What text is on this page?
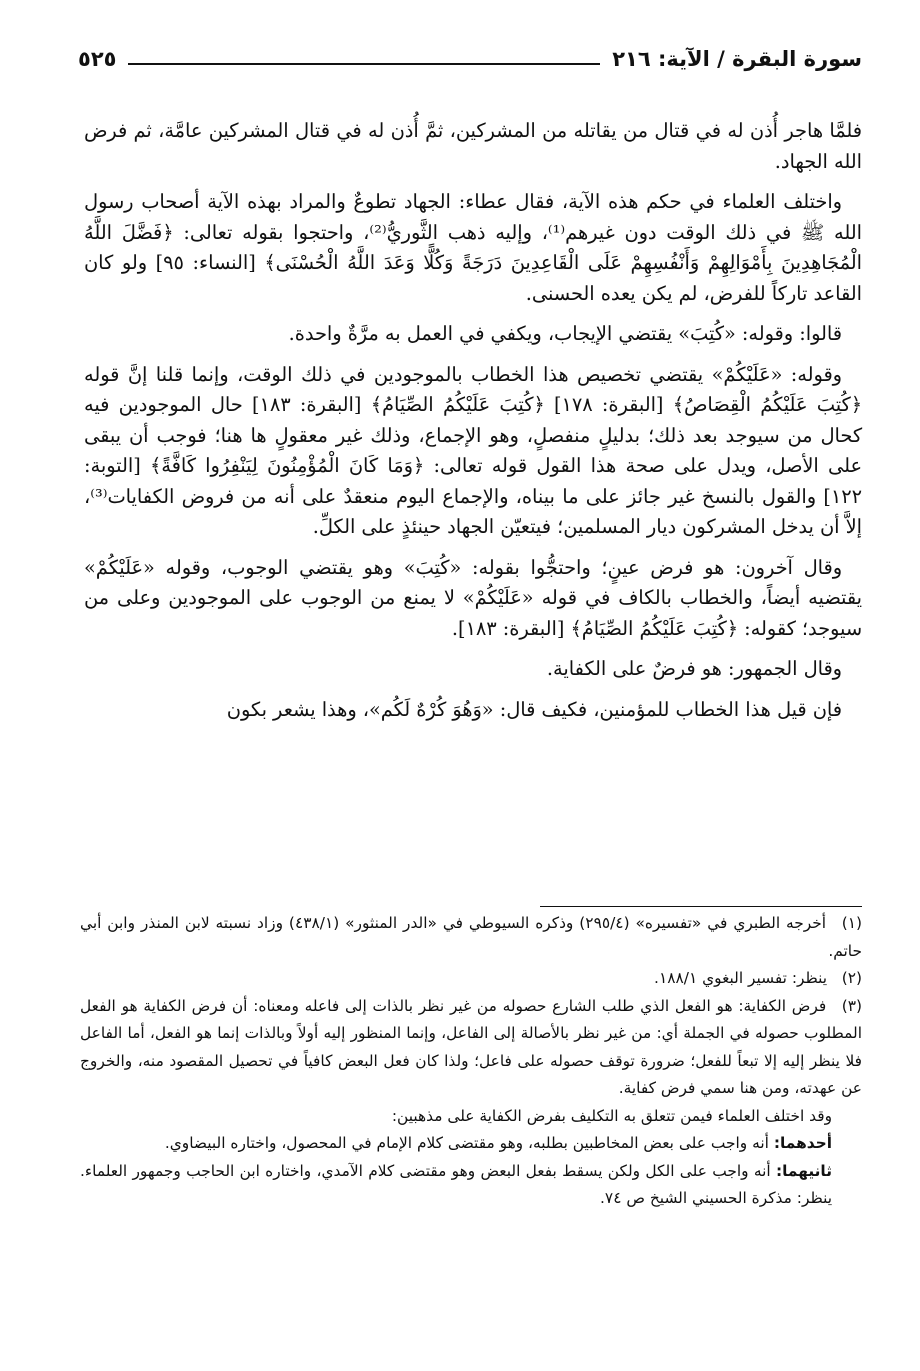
سورة البقرة / الآية: ٢١٦
٥٢٥

فلمَّا هاجر أُذن له في قتال من يقاتله من المشركين، ثمَّ أُذن له في قتال المشركين عامَّة، ثم فرض الله الجهاد.

واختلف العلماء في حكم هذه الآية، فقال عطاء: الجهاد تطوعٌ والمراد بهذه الآية أصحاب رسول الله ﷺ في ذلك الوقت دون غيرهم⁽¹⁾، وإليه ذهب الثَّوريُّ⁽²⁾، واحتجوا بقوله تعالى: ﴿فَضَّلَ اللَّهُ الْمُجَاهِدِينَ بِأَمْوَالِهِمْ وَأَنْفُسِهِمْ عَلَى الْقَاعِدِينَ دَرَجَةً وَكُلًّا وَعَدَ اللَّهُ الْحُسْنَى﴾ [النساء: ٩٥] ولو كان القاعد تاركاً للفرض، لم يكن يعده الحسنى.

قالوا: وقوله: «كُتِبَ» يقتضي الإيجاب، ويكفي في العمل به مرَّةٌ واحدة.

وقوله: «عَلَيْكُمْ» يقتضي تخصيص هذا الخطاب بالموجودين في ذلك الوقت، وإنما قلنا إنَّ قوله ﴿كُتِبَ عَلَيْكُمُ الْقِصَاصُ﴾ [البقرة: ١٧٨] ﴿كُتِبَ عَلَيْكُمُ الصِّيَامُ﴾ [البقرة: ١٨٣] حال الموجودين فيه كحال من سيوجد بعد ذلك؛ بدليلٍ منفصلٍ، وهو الإجماع، وذلك غير معقولٍ ها هنا؛ فوجب أن يبقى على الأصل، ويدل على صحة هذا القول قوله تعالى: ﴿وَمَا كَانَ الْمُؤْمِنُونَ لِيَنْفِرُوا كَافَّةً﴾ [التوبة: ١٢٢] والقول بالنسخ غير جائز على ما بيناه، والإجماع اليوم منعقدٌ على أنه من فروض الكفايات⁽³⁾، إلاَّ أن يدخل المشركون ديار المسلمين؛ فيتعيّن الجهاد حينئذٍ على الكلِّ.

وقال آخرون: هو فرض عينٍ؛ واحتجُّوا بقوله: «كُتِبَ» وهو يقتضي الوجوب، وقوله «عَلَيْكُمْ» يقتضيه أيضاً، والخطاب بالكاف في قوله «عَلَيْكُمْ» لا يمنع من الوجوب على الموجودين وعلى من سيوجد؛ كقوله: ﴿كُتِبَ عَلَيْكُمُ الصِّيَامُ﴾ [البقرة: ١٨٣].

وقال الجمهور: هو فرضٌ على الكفاية.

فإن قيل هذا الخطاب للمؤمنين، فكيف قال: «وَهُوَ كُرْهٌ لَكُم»، وهذا يشعر بكون

(١) أخرجه الطبري في «تفسيره» (٢٩٥/٤) وذكره السيوطي في «الدر المنثور» (٤٣٨/١) وزاد نسبته لابن المنذر وابن أبي حاتم.

(٢) ينظر: تفسير البغوي ١٨٨/١.

(٣) فرض الكفاية: هو الفعل الذي طلب الشارع حصوله من غير نظر بالذات إلى فاعله ومعناه: أن فرض الكفاية هو الفعل المطلوب حصوله في الجملة أي: من غير نظر بالأصالة إلى الفاعل، وإنما المنظور إليه أولاً وبالذات إنما هو الفعل، أما الفاعل فلا ينظر إليه إلا تبعاً للفعل؛ ضرورة توقف حصوله على فاعل؛ ولذا كان فعل البعض كافياً في تحصيل المقصود منه، والخروج عن عهدته، ومن هنا سمي فرض كفاية.

وقد اختلف العلماء فيمن تتعلق به التكليف بفرض الكفاية على مذهبين:

أحدهما: أنه واجب على بعض المخاطبين بطلبه، وهو مقتضى كلام الإمام في المحصول، واختاره البيضاوي.

ثانيهما: أنه واجب على الكل ولكن يسقط بفعل البعض وهو مقتضى كلام الآمدي، واختاره ابن الحاجب وجمهور العلماء. ينظر: مذكرة الحسيني الشيخ ص ٧٤.
